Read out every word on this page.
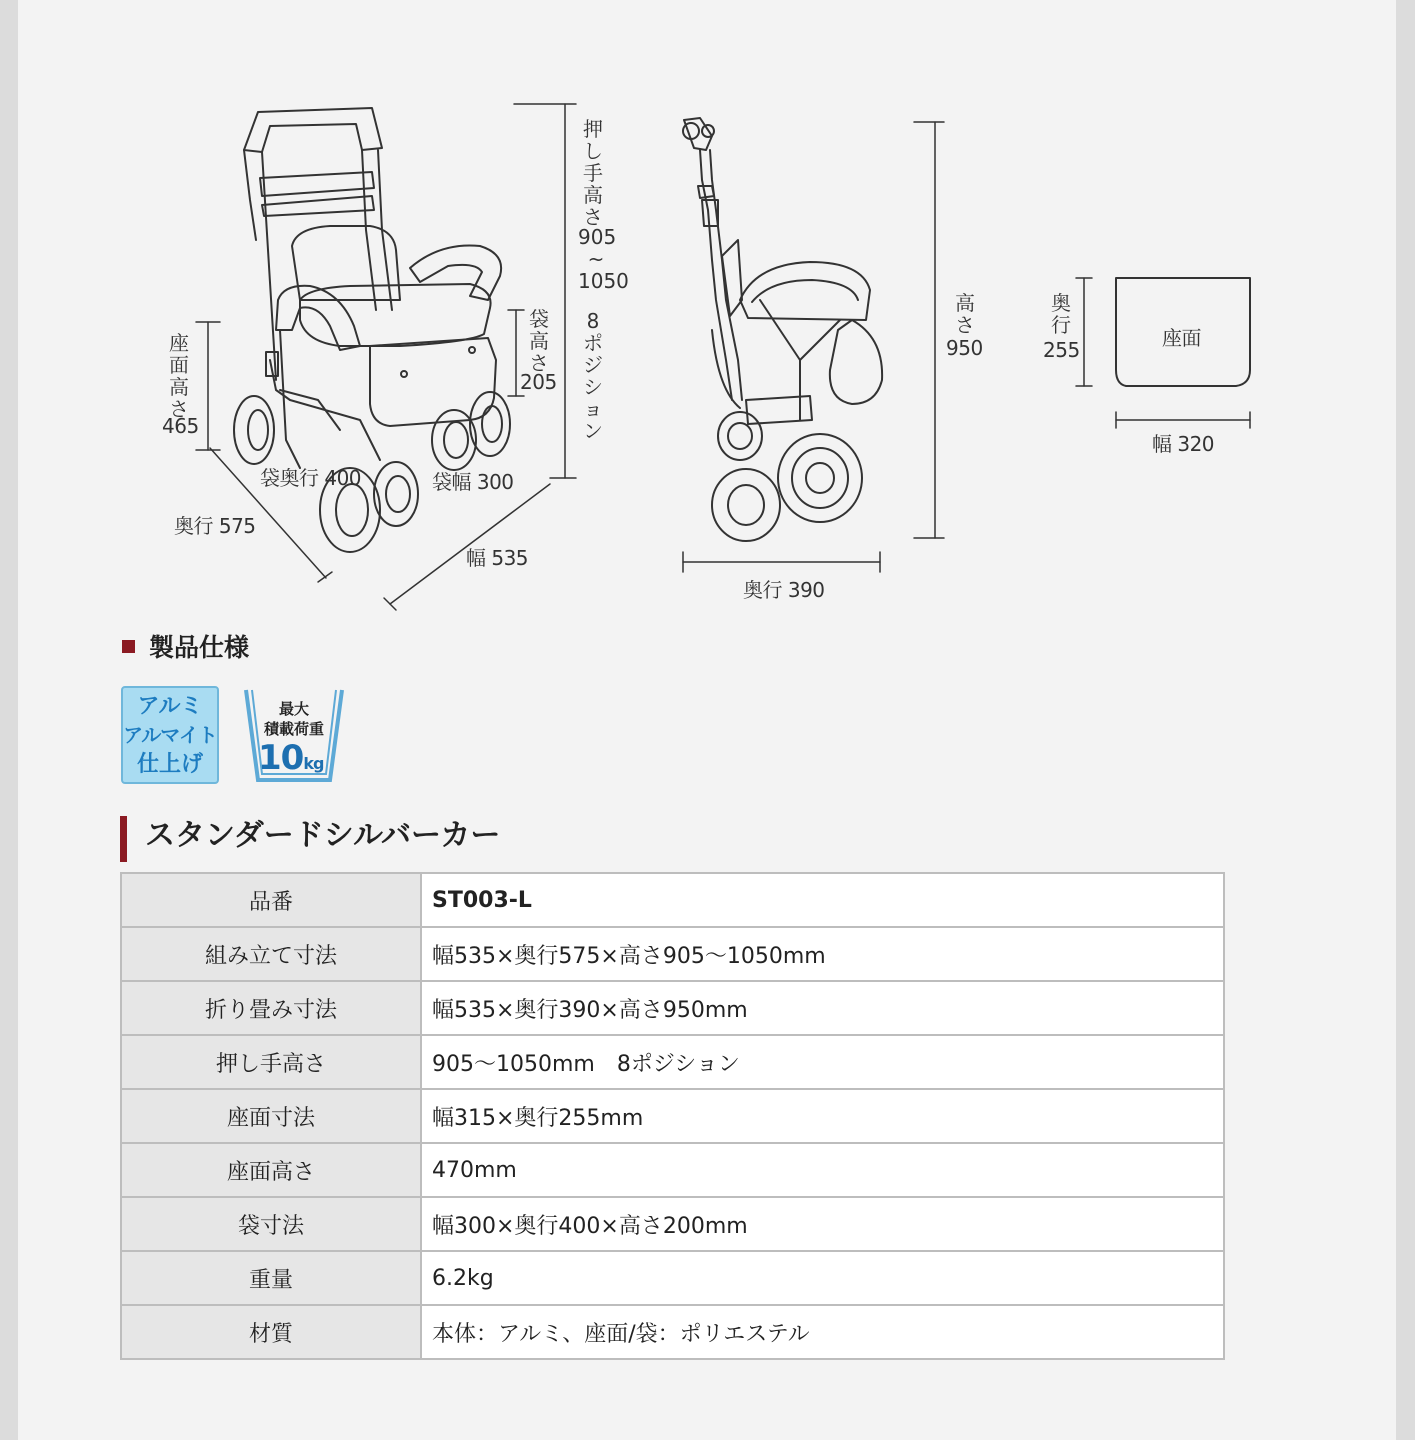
押し手高さ
905
~
1050
8
ポジション
袋高さ
205
座面高さ
465
袋奥行 400	袋幅 300
奥行 575
幅 535
奥行 390
高さ
950	座面
奥行
255
幅 320
製品仕様
アルミ
アルマイト
仕上げ
最大
積載荷重
10kg
スタンダードシルバーカー
品番	ST003-L
組み立て寸法	幅535×奥行575×高さ905～1050mm
折り畳み寸法	幅535×奥行390×高さ950mm
押し手高さ	905～1050mm　8ポジション
座面寸法	幅315×奥行255mm
座面高さ	470mm
袋寸法	幅300×奥行400×高さ200mm
重量	6.2kg
材質	本体：アルミ、座面/袋：ポリエステル
